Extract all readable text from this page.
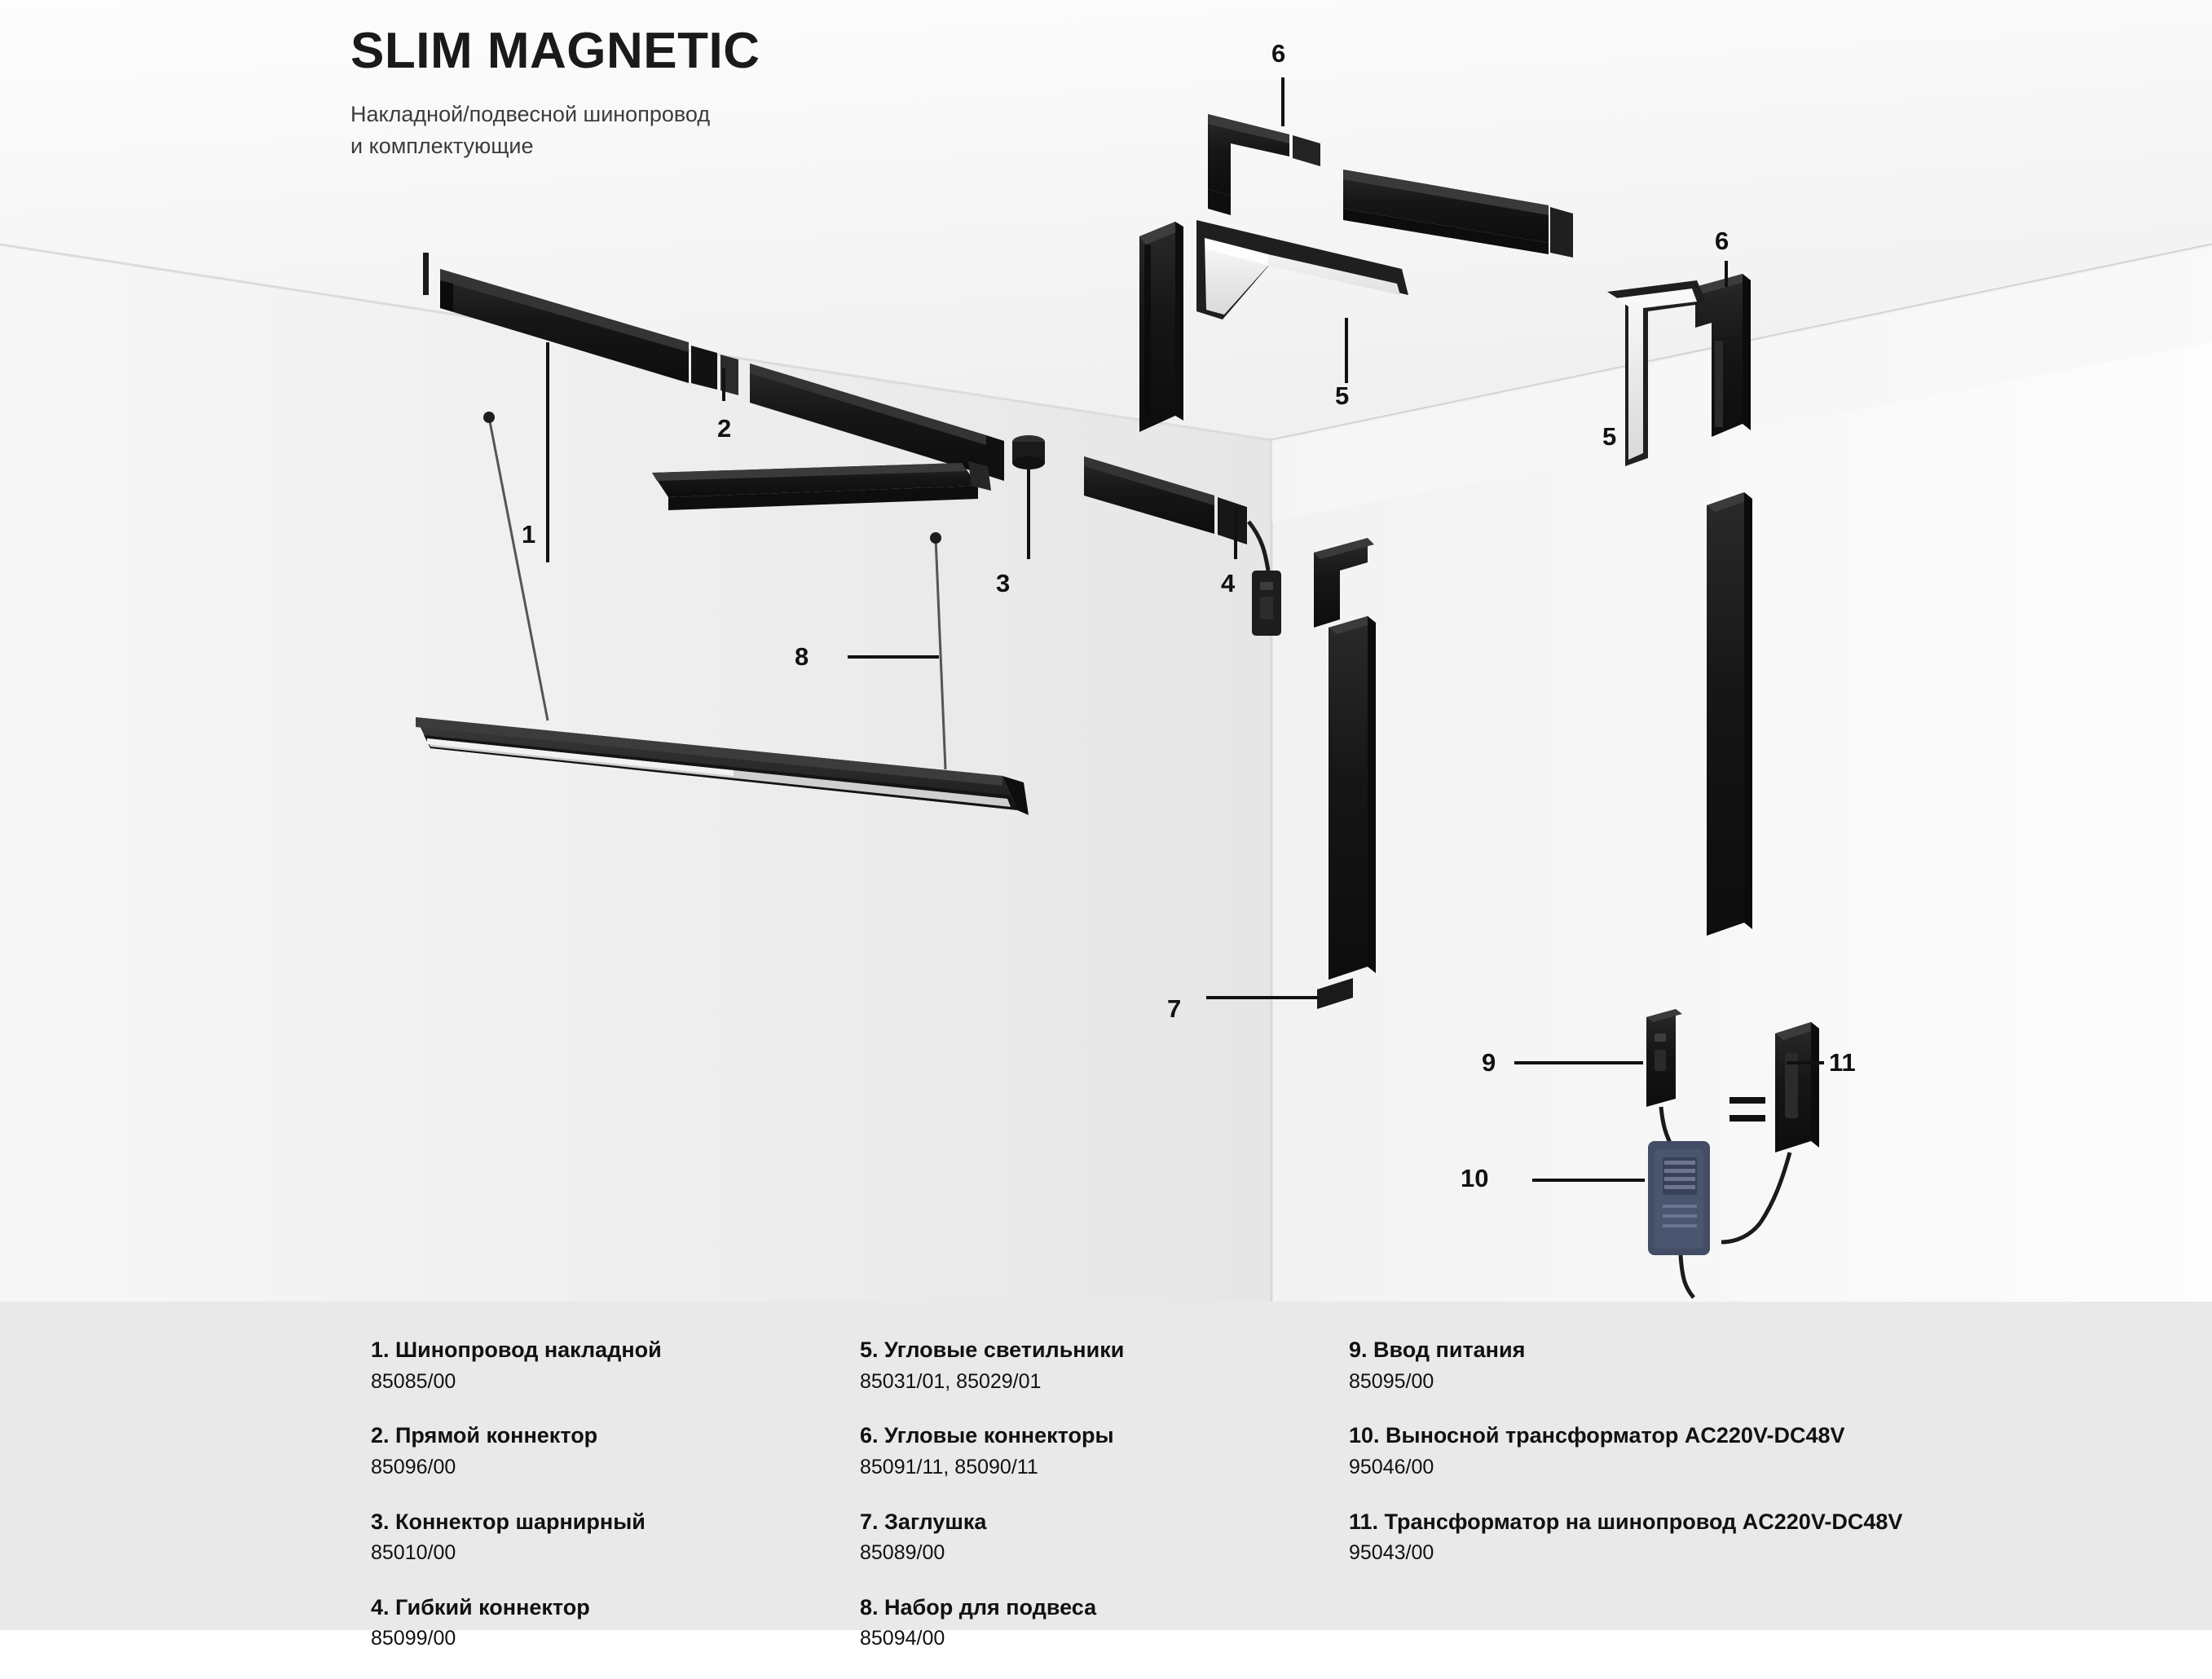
SLIM MAGNETIC
Накладной/подвесной шинопровод
и комплектующие
1
2
3	4
5
5
6
6
7
8
9
10
11
1. Шинопровод накладной
85085/00
2. Прямой коннектор
85096/00
3. Коннектор шарнирный
85010/00
4. Гибкий коннектор
85099/00
5. Угловые светильники
85031/01, 85029/01
6. Угловые коннекторы
85091/11, 85090/11
7. Заглушка
85089/00
8. Набор для подвеса
85094/00
9. Ввод питания
85095/00
10. Выносной трансформатор AC220V-DC48V
95046/00
11. Трансформатор на шинопровод AC220V-DC48V
95043/00
